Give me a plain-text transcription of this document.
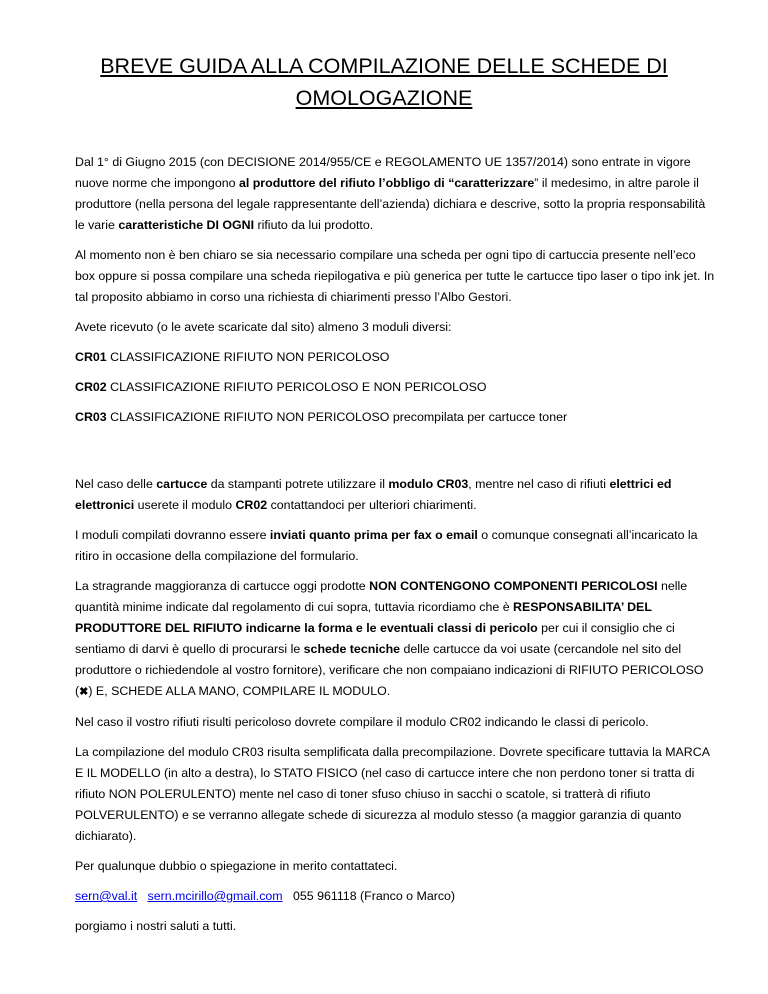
BREVE GUIDA ALLA COMPILAZIONE DELLE SCHEDE DI
OMOLOGAZIONE

Dal 1° di Giugno 2015 (con DECISIONE 2014/955/CE e REGOLAMENTO UE 1357/2014) sono entrate in vigore nuove norme che impongono al produttore del rifiuto l’obbligo di “caratterizzare” il medesimo, in altre parole il produttore (nella persona del legale rappresentante dell’azienda) dichiara e descrive, sotto la propria responsabilità le varie caratteristiche DI OGNI rifiuto da lui prodotto.

Al momento non è ben chiaro se sia necessario compilare una scheda per ogni tipo di cartuccia presente nell’eco box oppure si possa compilare una scheda riepilogativa e più generica per tutte le cartucce tipo laser o tipo ink jet. In tal proposito abbiamo in corso una richiesta di chiarimenti presso l’Albo Gestori.

Avete ricevuto (o le avete scaricate dal sito) almeno 3 moduli diversi:

CR01 CLASSIFICAZIONE RIFIUTO NON PERICOLOSO

CR02 CLASSIFICAZIONE RIFIUTO PERICOLOSO E NON PERICOLOSO

CR03 CLASSIFICAZIONE RIFIUTO NON PERICOLOSO precompilata per cartucce toner

Nel caso delle cartucce da stampanti potrete utilizzare il modulo CR03, mentre nel caso di rifiuti elettrici ed elettronici userete il modulo CR02 contattandoci per ulteriori chiarimenti.

I moduli compilati dovranno essere inviati quanto prima per fax o email o comunque consegnati all’incaricato la ritiro in occasione della compilazione del formulario.

La stragrande maggioranza di cartucce oggi prodotte NON CONTENGONO COMPONENTI PERICOLOSI nelle quantità minime indicate dal regolamento di cui sopra, tuttavia ricordiamo che è RESPONSABILITA’ DEL PRODUTTORE DEL RIFIUTO indicarne la forma e le eventuali classi di pericolo per cui il consiglio che ci sentiamo di darvi è quello di procurarsi le schede tecniche delle cartucce da voi usate (cercandole nel sito del produttore o richiedendole al vostro fornitore), verificare che non compaiano indicazioni di RIFIUTO PERICOLOSO (✖) E, SCHEDE ALLA MANO, COMPILARE IL MODULO.

Nel caso il vostro rifiuti risulti pericoloso dovrete compilare il modulo CR02 indicando le classi di pericolo.

La compilazione del modulo CR03 risulta semplificata dalla precompilazione. Dovrete specificare tuttavia la MARCA E IL MODELLO (in alto a destra), lo STATO FISICO (nel caso di cartucce intere che non perdono toner si tratta di rifiuto NON POLERULENTO) mente nel caso di toner sfuso chiuso in sacchi o scatole, si tratterà di rifiuto POLVERULENTO) e se verranno allegate schede di sicurezza al modulo stesso (a maggior garanzia di quanto dichiarato).

Per qualunque dubbio o spiegazione in merito contattateci.

sern@val.it sern.mcirillo@gmail.com 055 961118 (Franco o Marco)

porgiamo i nostri saluti a tutti.
